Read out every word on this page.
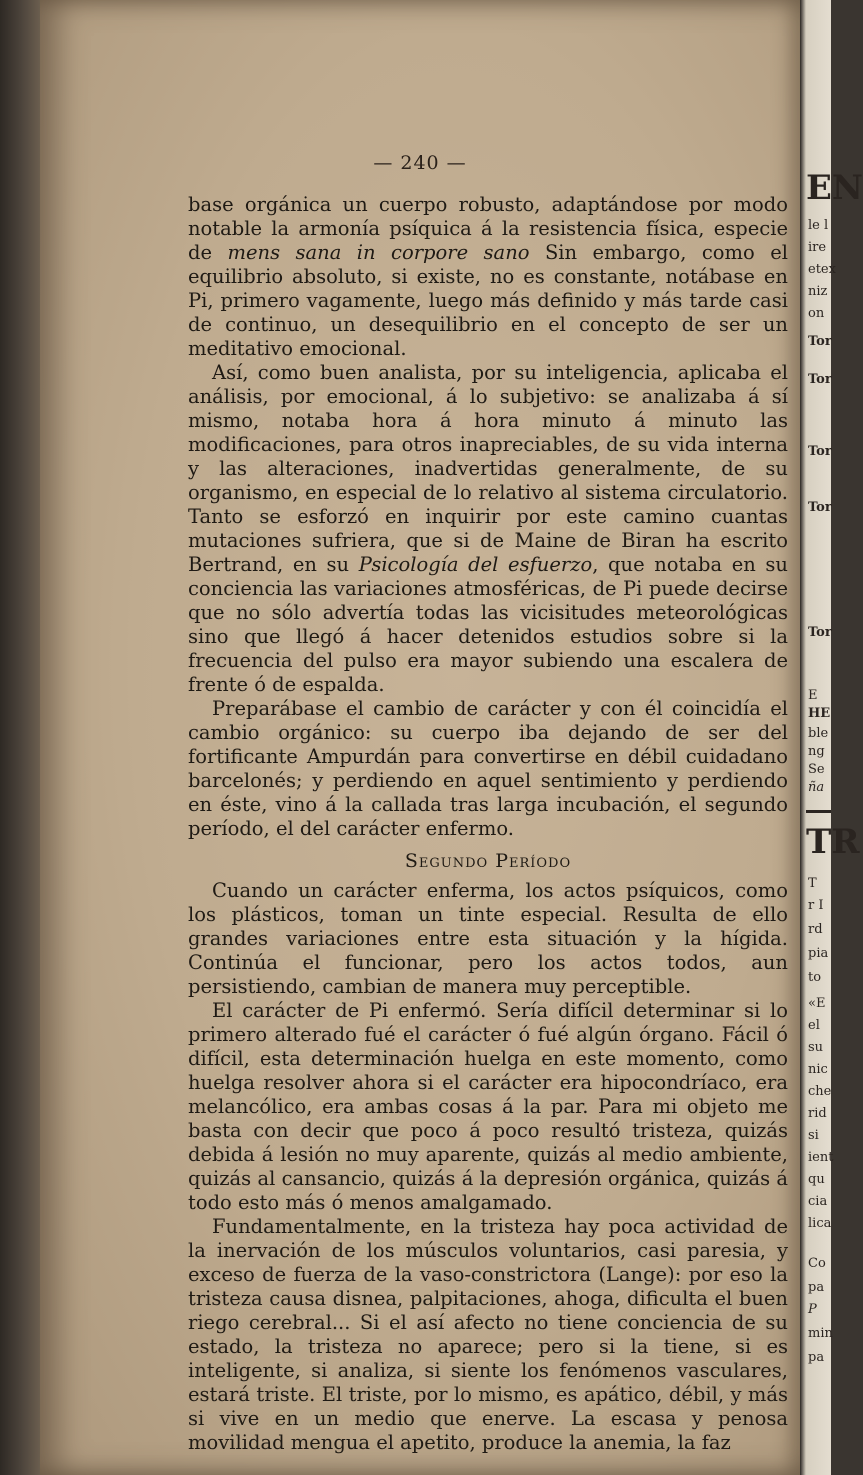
— 240 —

base orgánica un cuerpo robusto, adaptándose por modo notable la armonía psíquica á la resistencia física, especie de mens sana in corpore sano Sin embargo, como el equilibrio absoluto, si existe, no es constante, notábase en Pi, primero vagamente, luego más definido y más tarde casi de continuo, un desequilibrio en el concepto de ser un meditativo emocional.

Así, como buen analista, por su inteligencia, aplicaba el análisis, por emocional, á lo subjetivo: se analizaba á sí mismo, notaba hora á hora minuto á minuto las modificaciones, para otros inapreciables, de su vida interna y las alteraciones, inadvertidas generalmente, de su organismo, en especial de lo relativo al sistema circulatorio. Tanto se esforzó en inquirir por este camino cuantas mutaciones sufriera, que si de Maine de Biran ha escrito Bertrand, en su Psicología del esfuerzo, que notaba en su conciencia las variaciones atmosféricas, de Pi puede decirse que no sólo advertía todas las vicisitudes meteorológicas sino que llegó á hacer detenidos estudios sobre si la frecuencia del pulso era mayor subiendo una escalera de frente ó de espalda.

Preparábase el cambio de carácter y con él coincidía el cambio orgánico: su cuerpo iba dejando de ser del fortificante Ampurdán para convertirse en débil cuidadano barcelonés; y perdiendo en aquel sentimiento y perdiendo en éste, vino á la callada tras larga incubación, el segundo período, el del carácter enfermo.

Segundo Período

Cuando un carácter enferma, los actos psíquicos, como los plásticos, toman un tinte especial. Resulta de ello grandes variaciones entre esta situación y la hígida. Continúa el funcionar, pero los actos todos, aun persistiendo, cambian de manera muy perceptible.

El carácter de Pi enfermó. Sería difícil determinar si lo primero alterado fué el carácter ó fué algún órgano. Fácil ó difícil, esta determinación huelga en este momento, como huelga resolver ahora si el carácter era hipocondríaco, era melancólico, era ambas cosas á la par. Para mi objeto me basta con decir que poco á poco resultó tristeza, quizás debida á lesión no muy aparente, quizás al medio ambiente, quizás al cansancio, quizás á la depresión orgánica, quizás á todo esto más ó menos amalgamado.

Fundamentalmente, en la tristeza hay poca actividad de la inervación de los músculos voluntarios, casi paresia, y exceso de fuerza de la vaso-constrictora (Lange): por eso la tristeza causa disnea, palpitaciones, ahoga, dificulta el buen riego cerebral... Si el así afecto no tiene conciencia de su estado, la tristeza no aparece; pero si la tiene, si es inteligente, si analiza, si siente los fenómenos vasculares, estará triste. El triste, por lo mismo, es apático, débil, y más si vive en un medio que enerve. La escasa y penosa movilidad mengua el apetito, produce la anemia, la faz

EN
le l
ire
etex
niz
on
Tor
Tor
Tor
Tor
Tor
E
HE
ble
ng
Se
ña
TR
T
r I
rd
pia
to
«E
el
su
nic
che
rid
si
ient
qu
cia
lica
Co
pa
P
min
pa
